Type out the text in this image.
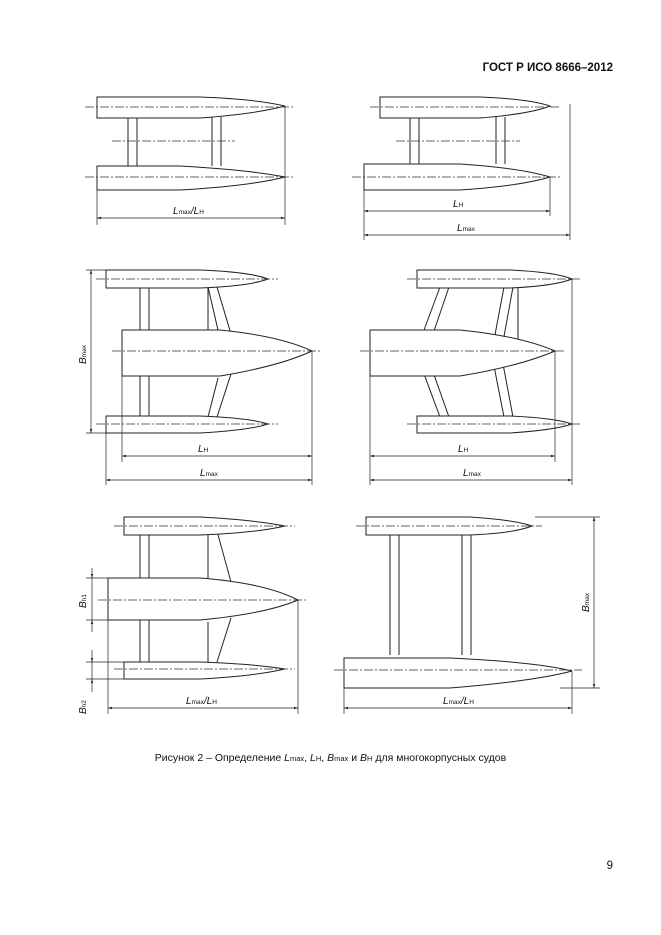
ГОСТ Р ИСО 8666–2012
Lmax/LH
LH
Lmax
Bmax
LH
Lmax
LH
Lmax
Bh1
Bh2	Lmax/LH
Bmax
Lmax/LH
Рисунок 2 – Определение Lmax, LH, Bmax и BH для многокорпусных судов
9
